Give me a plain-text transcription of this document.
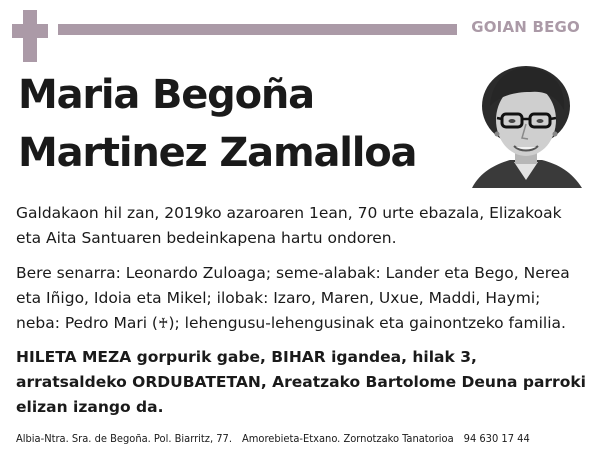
GOIAN BEGO
Maria Begoña
Martinez Zamalloa
Galdakaon hil zan, 2019ko azaroaren 1ean, 70 urte ebazala, Elizakoak eta Aita Santuaren bedeinkapena hartu ondoren.
Bere senarra: Leonardo Zuloaga; seme-alabak: Lander eta Bego, Nerea eta Iñigo, Idoia eta Mikel; ilobak: Izaro, Maren, Uxue, Maddi, Haymi; neba: Pedro Mari (♰); lehengusu-lehengusinak eta gainontzeko familia.
HILETA MEZA gorpurik gabe, BIHAR igandea, hilak 3, arratsaldeko ORDUBATETAN, Areatzako Bartolome Deuna parroki elizan izango da.
Albia-Ntra. Sra. de Begoña. Pol. Biarritz, 77. Amorebieta-Etxano. Zornotzako Tanatorioa 94 630 17 44
